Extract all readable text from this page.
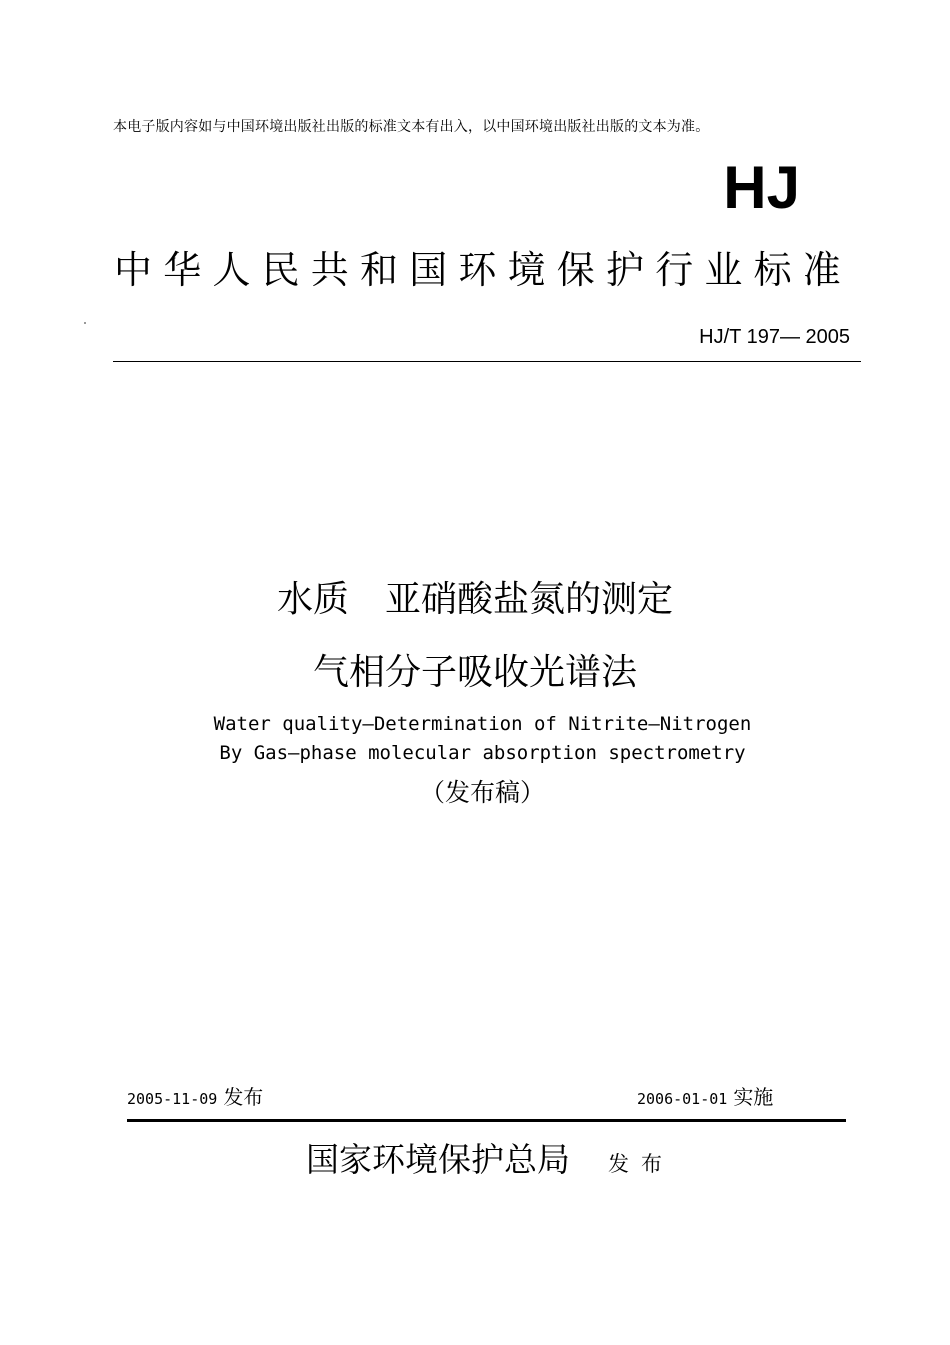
本电子版内容如与中国环境出版社出版的标准文本有出入，以中国环境出版社出版的文本为准。
HJ
中华人民共和国环境保护行业标准
HJ/T 197— 2005
水质　亚硝酸盐氮的测定
气相分子吸收光谱法
Water quality—Determination of Nitrite—Nitrogen
By Gas—phase molecular absorption spectrometry
（发布稿）
2005-11-09 发布	2006-01-01 实施
国家环境保护总局 发布
